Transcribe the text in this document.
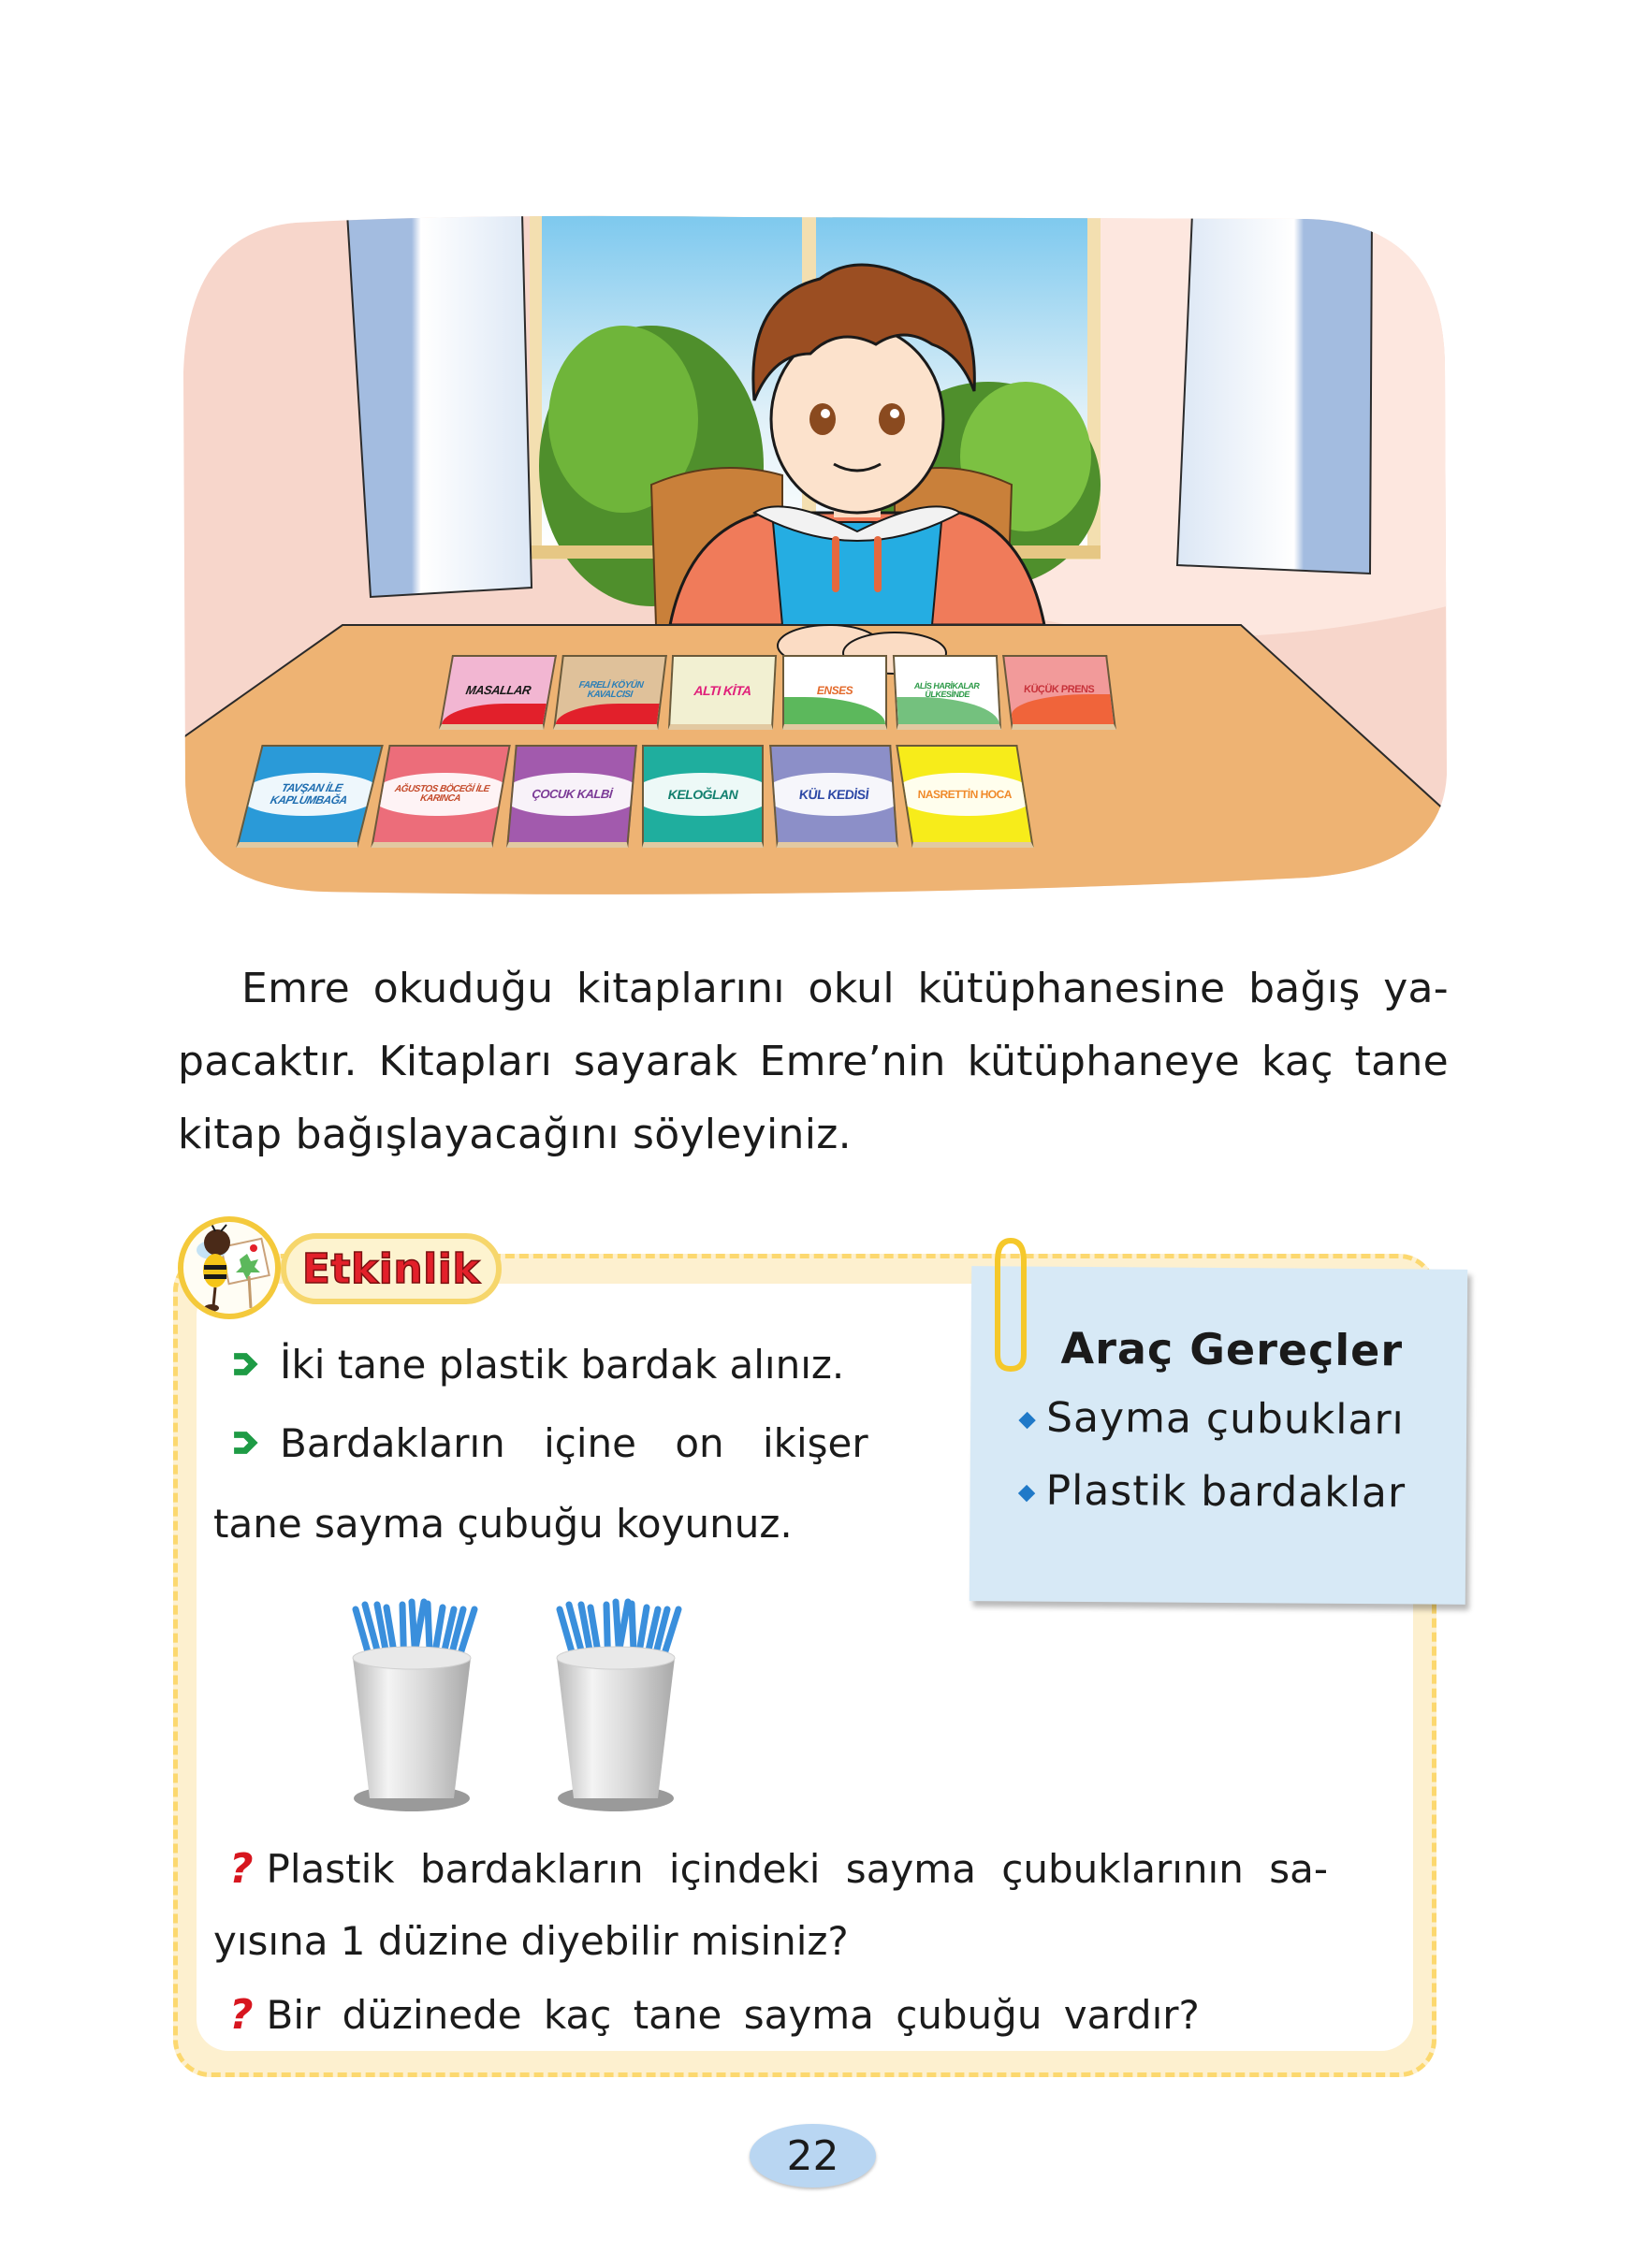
MASALLAR	FARELİ KÖYÜN KAVALCISI	ALTI KİTA	ENSES	ALİS HARİKALAR ÜLKESİNDE	KÜÇÜK PRENS
TAVŞAN İLE KAPLUMBAĞA
AĞUSTOS BÖCEĞİ İLE KARINCA	ÇOCUK KALBİ	KELOĞLAN	KÜL KEDİSİ	NASRETTİN HOCA
Emre okuduğu kitaplarını okul kütüphanesine bağış ya-
pacaktır. Kitapları sayarak Emre’nin kütüphaneye kaç tane
kitap bağışlayacağını söyleyiniz.
Etkinlik
İki tane plastik bardak alınız.
Bardakların içine on ikişer
tane sayma çubuğu koyunuz.
Araç Gereçler
Sayma çubukları
Plastik bardaklar
? Plastik bardakların içindeki sayma çubuklarının sa-
yısına 1 düzine diyebilir misiniz?
? Bir düzinede kaç tane sayma çubuğu vardır?
22
